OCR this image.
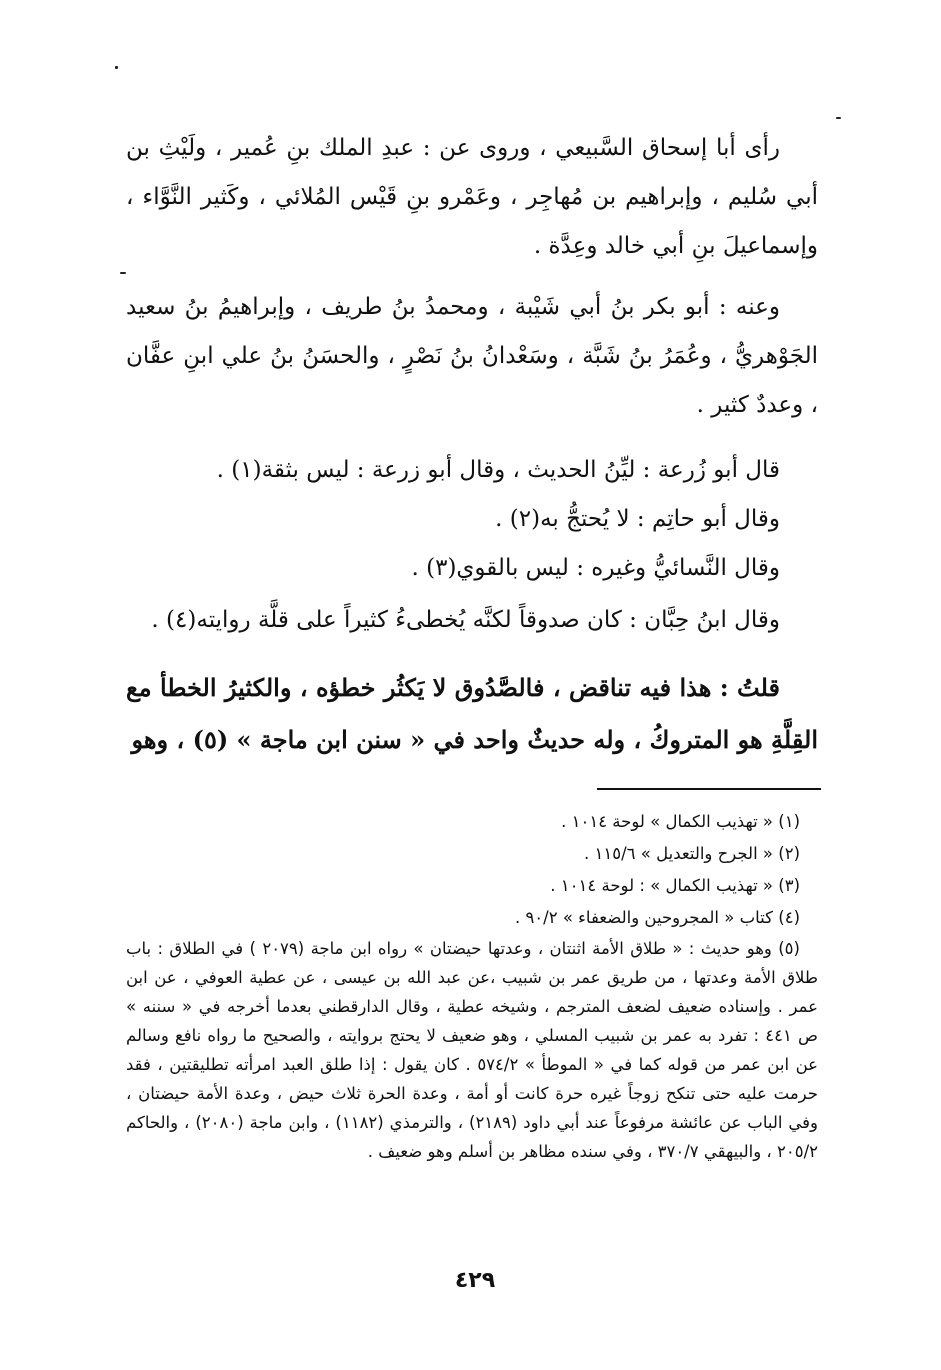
رأى أبا إسحاق السَّبيعي ، وروى عن : عبدِ الملك بنِ عُمير ، ولَيْثِ بن أبي سُليم ، وإبراهيم بن مُهاجِر ، وعَمْرو بنِ قَيْس المُلائي ، وكَثير النَّوَّاء ، وإسماعيلَ بنِ أبي خالد وعِدَّة .

وعنه : أبو بكر بنُ أبي شَيْبة ، ومحمدُ بنُ طريف ، وإبراهيمُ بنُ سعيد الجَوْهريُّ ، وعُمَرُ بنُ شَبَّة ، وسَعْدانُ بنُ نَصْرٍ ، والحسَنُ بنُ علي ابنِ عفَّان ، وعددٌ كثير .

قال أبو زُرعة : ليِّنُ الحديث ، وقال أبو زرعة : ليس بثقة(١) .
وقال أبو حاتِم : لا يُحتجُّ به(٢) .
وقال النَّسائيُّ وغيره : ليس بالقوي(٣) .

وقال ابنُ حِبَّان : كان صدوقاً لكنَّه يُخطىءُ كثيراً على قلَّة روايته(٤) .

قلتُ : هذا فيه تناقض ، فالصَّدُوق لا يَكثُر خطؤه ، والكثيرُ الخطأ مع القِلَّةِ هو المتروكُ ، وله حديثٌ واحد في « سنن ابن ماجة » (٥) ، وهو

(١) « تهذيب الكمال » لوحة ١٠١٤ .
(٢) « الجرح والتعديل » ١١٥/٦ .
(٣) « تهذيب الكمال » : لوحة ١٠١٤ .
(٤) كتاب « المجروحين والضعفاء » ٩٠/٢ .
(٥) وهو حديث : « طلاق الأمة اثنتان ، وعدتها حيضتان » رواه ابن ماجة (٢٠٧٩ ) في الطلاق : باب طلاق الأمة وعدتها ، من طريق عمر بن شبيب ،عن عبد الله بن عيسى ، عن عطية العوفي ، عن ابن عمر . وإسناده ضعيف لضعف المترجم ، وشيخه عطية ، وقال الدارقطني بعدما أخرجه في « سننه » ص ٤٤١ : تفرد به عمر بن شبيب المسلي ، وهو ضعيف لا يحتج بروايته ، والصحيح ما رواه نافع وسالم عن ابن عمر من قوله كما في « الموطأ » ٥٧٤/٢ . كان يقول : إذا طلق العبد امرأته تطليقتين ، فقد حرمت عليه حتى تنكح زوجاً غيره حرة كانت أو أمة ، وعدة الحرة ثلاث حيض ، وعدة الأمة حيضتان ، وفي الباب عن عائشة مرفوعاً عند أبي داود (٢١٨٩) ، والترمذي (١١٨٢) ، وابن ماجة (٢٠٨٠) ، والحاكم ٢٠٥/٢ ، والبيهقي ٣٧٠/٧ ، وفي سنده مظاهر بن أسلم وهو ضعيف .
٤٢٩
